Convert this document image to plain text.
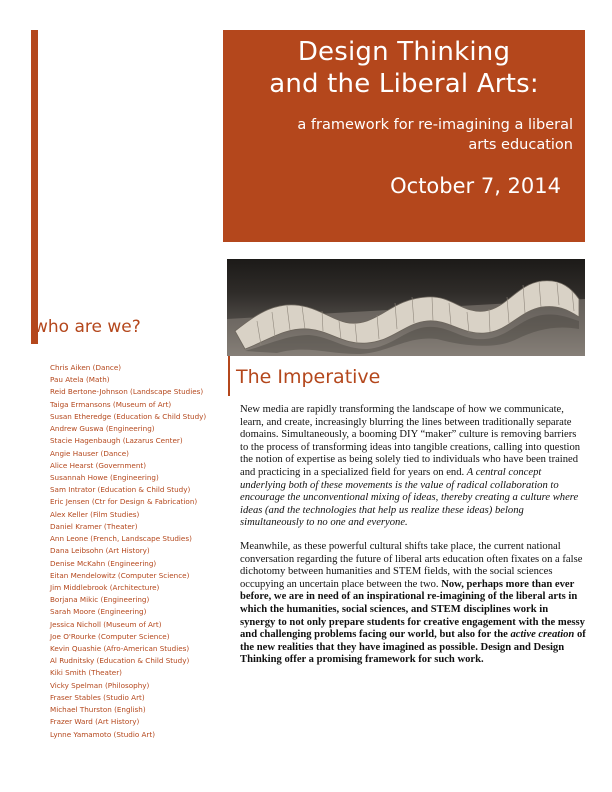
Design Thinking
and the Liberal Arts:

a framework for re-imagining a liberal
arts education

October 7, 2014

who are we?
Chris Aiken (Dance)
Pau Atela (Math)
Reid Bertone-Johnson (Landscape Studies)
Taiga Ermansons (Museum of Art)
Susan Etheredge (Education & Child Study)
Andrew Guswa (Engineering)
Stacie Hagenbaugh (Lazarus Center)
Angie Hauser (Dance)
Alice Hearst (Government)
Susannah Howe (Engineering)
Sam Intrator (Education & Child Study)
Eric Jensen (Ctr for Design & Fabrication)
Alex Keller (Film Studies)
Daniel Kramer (Theater)
Ann Leone (French, Landscape Studies)
Dana Leibsohn (Art History)
Denise McKahn (Engineering)
Eitan Mendelowitz (Computer Science)
Jim Middlebrook (Architecture)
Borjana Mikic (Engineering)
Sarah Moore (Engineering)
Jessica Nicholl (Museum of Art)
Joe O'Rourke (Computer Science)
Kevin Quashie (Afro-American Studies)
Al Rudnitsky (Education & Child Study)
Kiki Smith (Theater)
Vicky Spelman (Philosophy)
Fraser Stables (Studio Art)
Michael Thurston (English)
Frazer Ward (Art History)
Lynne Yamamoto (Studio Art)
The Imperative

New media are rapidly transforming the landscape of how we communicate, learn, and create, increasingly blurring the lines between traditionally separate domains. Simultaneously, a booming DIY “maker” culture is removing barriers to the process of transforming ideas into tangible creations, calling into question the notion of expertise as being solely tied to individuals who have been trained and practicing in a specialized field for years on end. A central concept underlying both of these movements is the value of radical collaboration to encourage the unconventional mixing of ideas, thereby creating a culture where ideas (and the technologies that help us realize these ideas) belong simultaneously to no one and everyone.

Meanwhile, as these powerful cultural shifts take place, the current national conversation regarding the future of liberal arts education often fixates on a false dichotomy between humanities and STEM fields, with the social sciences occupying an uncertain place between the two. Now, perhaps more than ever before, we are in need of an inspirational re-imagining of the liberal arts in which the humanities, social sciences, and STEM disciplines work in synergy to not only prepare students for creative engagement with the messy and challenging problems facing our world, but also for the active creation of the new realities that they have imagined as possible. Design and Design Thinking offer a promising framework for such work.
